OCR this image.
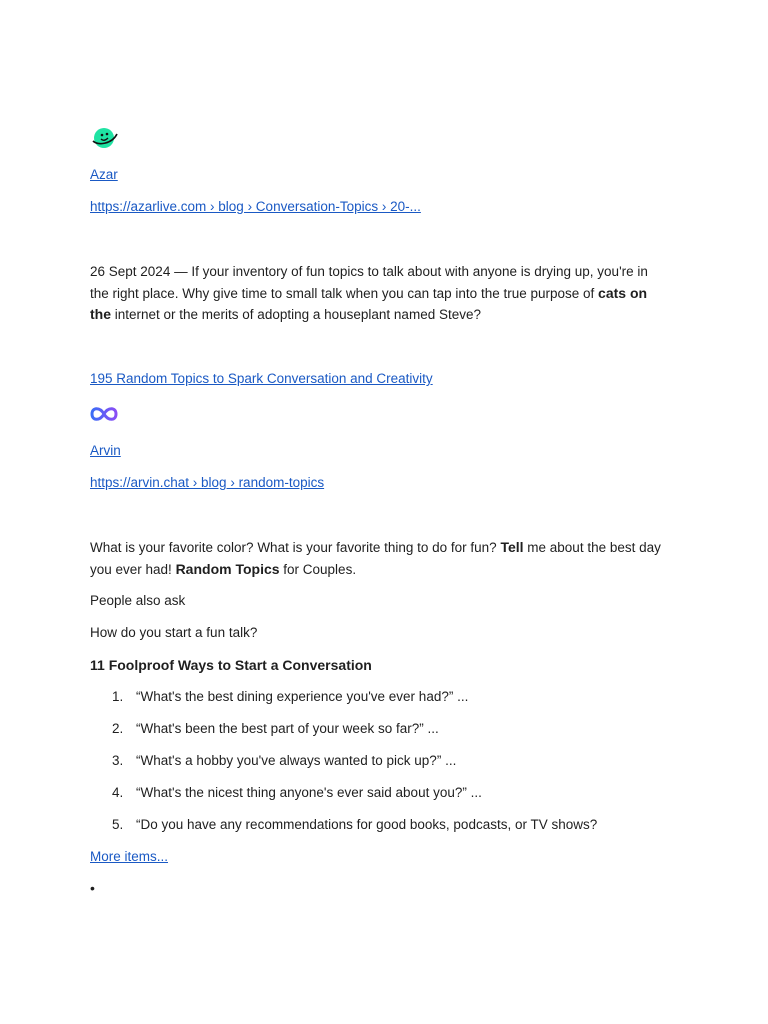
Azar
https://azarlive.com › blog › Conversation-Topics › 20-...
26 Sept 2024 — If your inventory of fun topics to talk about with anyone is drying up, you're in the right place. Why give time to small talk when you can tap into the true purpose of cats on the internet or the merits of adopting a houseplant named Steve?
195 Random Topics to Spark Conversation and Creativity
Arvin
https://arvin.chat › blog › random-topics
What is your favorite color? What is your favorite thing to do for fun? Tell me about the best day you ever had! Random Topics for Couples.
People also ask
How do you start a fun talk?
11 Foolproof Ways to Start a Conversation
1. “What's the best dining experience you've ever had?” ...
2. “What's been the best part of your week so far?” ...
3. “What's a hobby you've always wanted to pick up?” ...
4. “What's the nicest thing anyone's ever said about you?” ...
5. “Do you have any recommendations for good books, podcasts, or TV shows?
More items...
•
